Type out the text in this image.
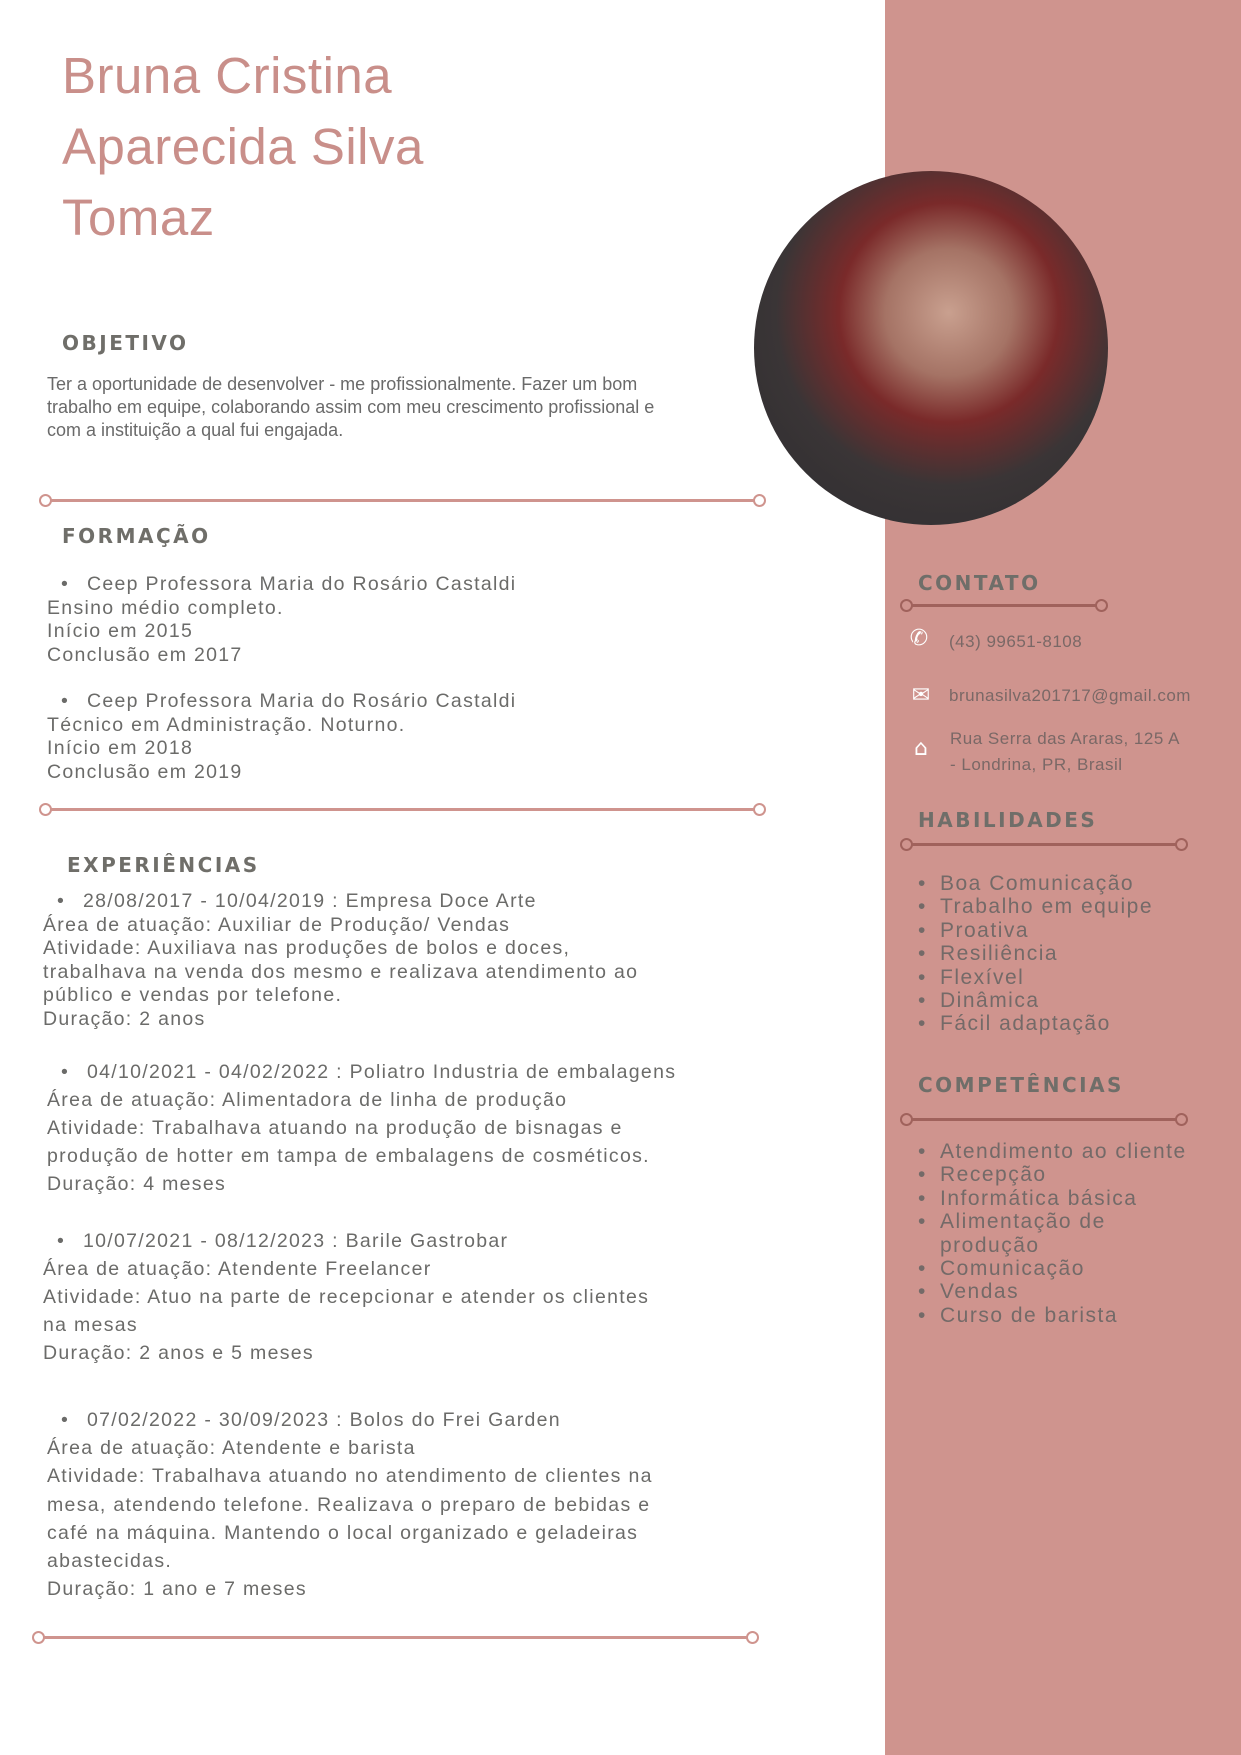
Bruna Cristina
Aparecida Silva
Tomaz
OBJETIVO
Ter a oportunidade de desenvolver - me profissionalmente. Fazer um bom trabalho em equipe, colaborando assim com meu crescimento profissional e com a instituição a qual fui engajada.
FORMAÇÃO
• Ceep Professora Maria do Rosário Castaldi
Ensino médio completo.
Início em 2015
Conclusão em 2017
• Ceep Professora Maria do Rosário Castaldi
Técnico em Administração. Noturno.
Início em 2018
Conclusão em 2019
EXPERIÊNCIAS
• 28/08/2017 - 10/04/2019 : Empresa Doce Arte
Área de atuação: Auxiliar de Produção/ Vendas
Atividade: Auxiliava nas produções de bolos e doces,
trabalhava na venda dos mesmo e realizava atendimento ao
público e vendas por telefone.
Duração: 2 anos
• 04/10/2021 - 04/02/2022 : Poliatro Industria de embalagens
Área de atuação: Alimentadora de linha de produção
Atividade: Trabalhava atuando na produção de bisnagas e
produção de hotter em tampa de embalagens de cosméticos.
Duração: 4 meses
• 10/07/2021 - 08/12/2023 : Barile Gastrobar
Área de atuação: Atendente Freelancer
Atividade: Atuo na parte de recepcionar e atender os clientes
na mesas
Duração: 2 anos e 5 meses
• 07/02/2022 - 30/09/2023 : Bolos do Frei Garden
Área de atuação: Atendente e barista
Atividade: Trabalhava atuando no atendimento de clientes na
mesa, atendendo telefone. Realizava o preparo de bebidas e
café na máquina. Mantendo o local organizado e geladeiras
abastecidas.
Duração: 1 ano e 7 meses
CONTATO
✆ (43) 99651-8108
✉ brunasilva201717@gmail.com
⌂ Rua Serra das Araras, 125 A
- Londrina, PR, Brasil
HABILIDADES
• Boa Comunicação
• Trabalho em equipe
• Proativa
• Resiliência
• Flexível
• Dinâmica
• Fácil adaptação
COMPETÊNCIAS
• Atendimento ao cliente
• Recepção
• Informática básica
• Alimentação de produção
• Comunicação
• Vendas
• Curso de barista
